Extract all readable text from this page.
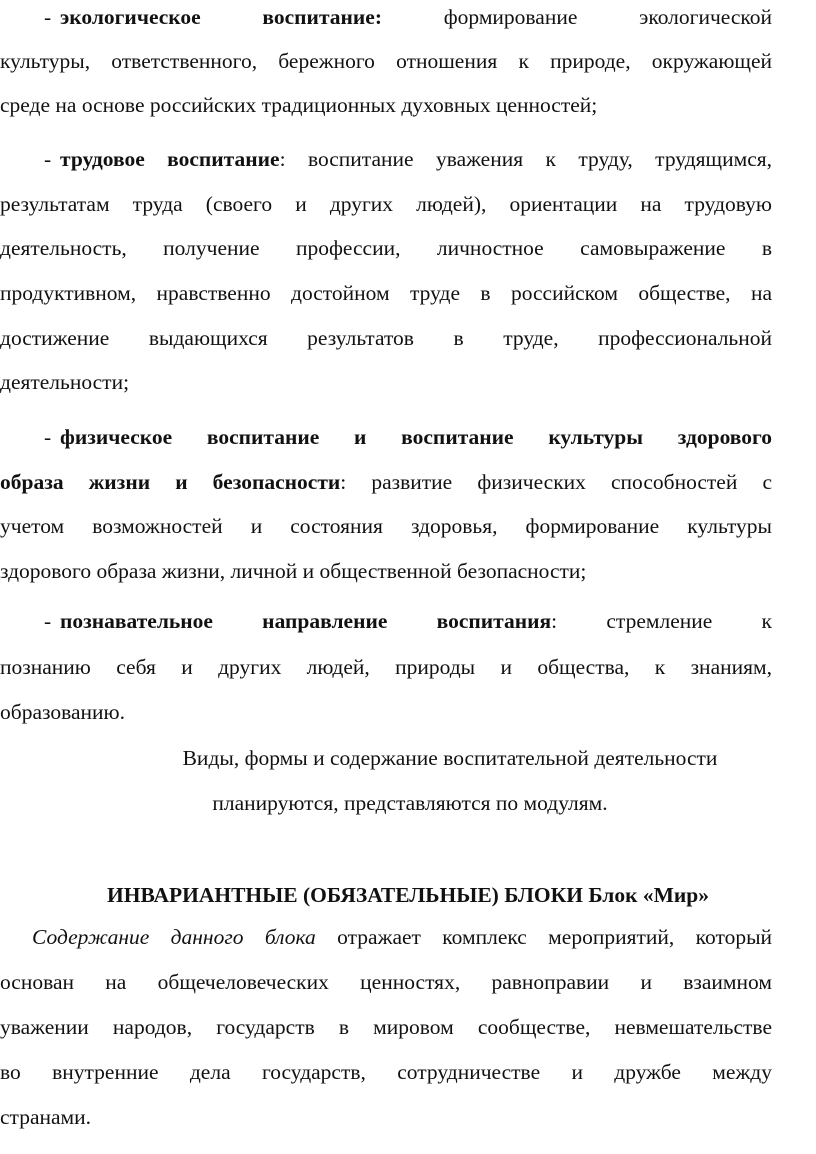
- экологическое воспитание:	формирование экологической
культуры, ответственного, бережного отношения к природе, окружающей
среде на основе российских традиционных духовных ценностей;
- трудовое воспитание: воспитание уважения к труду, трудящимся,
результатам труда (своего и других людей), ориентации на трудовую
деятельность, получение профессии, личностное самовыражение в
продуктивном, нравственно достойном труде в российском обществе, на
достижение выдающихся результатов в труде, профессиональной
деятельности;
- физическое воспитание и воспитание культуры здорового
образа жизни и безопасности: развитие физических способностей с
учетом возможностей и состояния здоровья, формирование культуры
здорового образа жизни, личной и общественной безопасности;
- познавательное направление воспитания: стремление к
познанию себя и других людей, природы и общества, к знаниям,
образованию.
Виды, формы и содержание воспитательной деятельности
планируются, представляются по модулям.
ИНВАРИАНТНЫЕ (ОБЯЗАТЕЛЬНЫЕ) БЛОКИ Блок «Мир»
Содержание данного блока отражает комплекс мероприятий, который
основан на общечеловеческих ценностях, равноправии и взаимном
уважении народов, государств в мировом сообществе, невмешательстве
во внутренние дела государств, сотрудничестве и дружбе между
странами.
